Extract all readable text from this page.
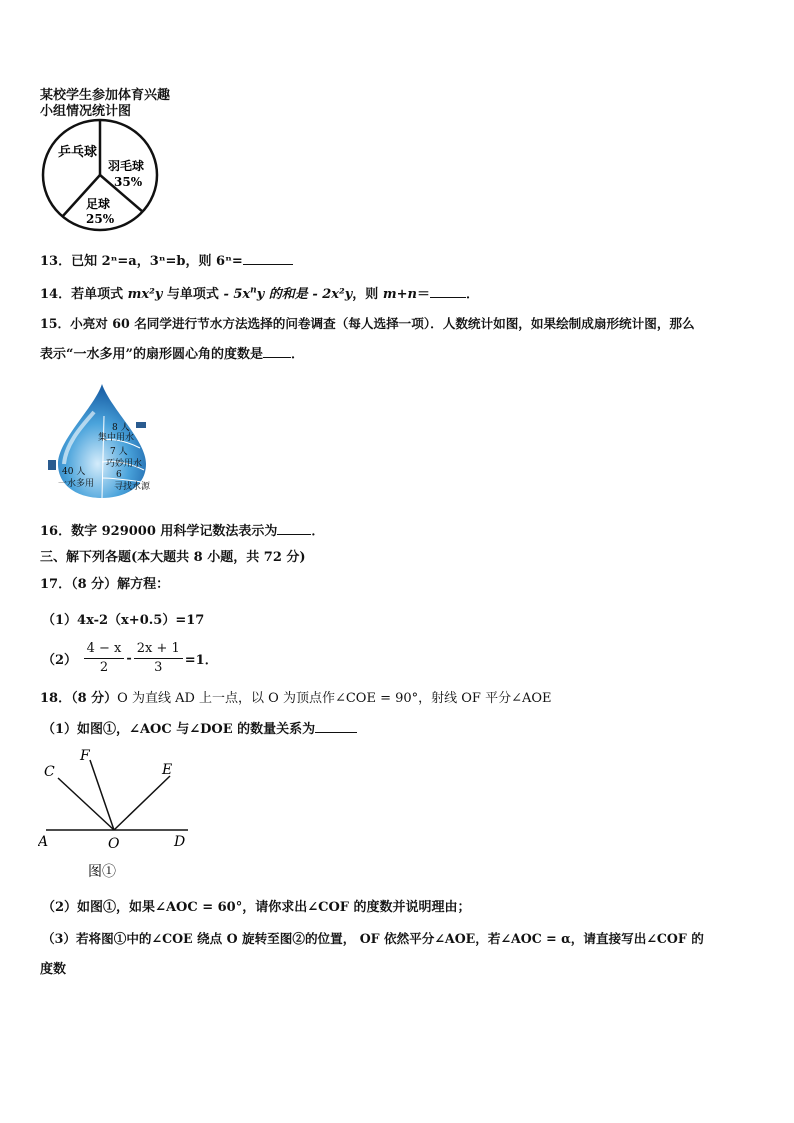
某校学生参加体育兴趣
小组情况统计图
乒乓球
羽毛球
35%
足球
25%
13．已知 2ⁿ=a，3ⁿ=b，则 6ⁿ=
14．若单项式 mx²y 与单项式 - $5x^ny$ 的和是 - 2x²y，则 m+n＝	．
15．小亮对 60 名同学进行节水方法选择的问卷调查（每人选择一项）．人数统计如图，如果绘制成扇形统计图，那么
表示“一水多用”的扇形圆心角的度数是 ．
8 人
集中用水
7 人
巧妙用水
6
寻找水源
40 人
一水多用
16．数字 929000 用科学记数法表示为	．
三、解下列各题(本大题共 8 小题，共 72 分)
17．（8 分）解方程：
（1）4x-2（x+0.5）=17
$(2) \frac{4 - x}{2} - \frac{2x + 1}{3} =1$．
18．（8 分）O 为直线 AD 上一点，以 O 为顶点作∠COE = 90°，射线 OF 平分∠AOE
（1）如图①，∠AOC 与∠DOE 的数量关系为
C
F
E
A	O	D
图①
（2）如图①，如果∠AOC = 60°，请你求出∠COF 的度数并说明理由；
（3）若将图①中的∠COE 绕点 O 旋转至图②的位置， OF 依然平分∠AOE，若∠AOC = α，请直接写出∠COF 的
度数
